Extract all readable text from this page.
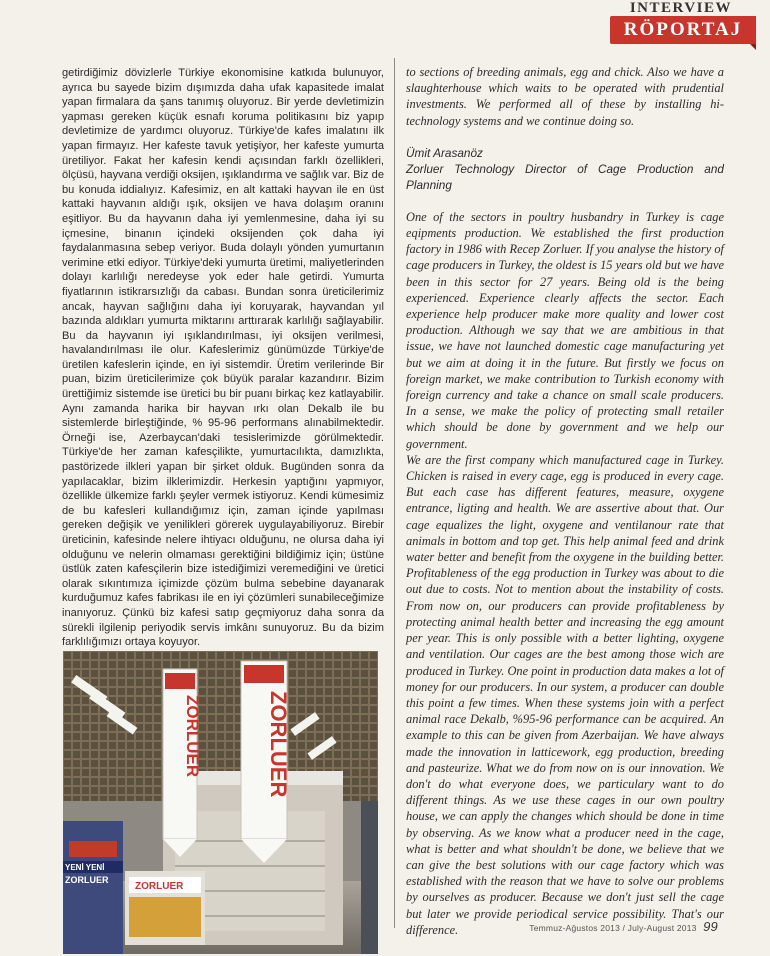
INTERVIEW
RÖPORTAJ

getirdiğimiz dövizlerle Türkiye ekonomisine katkıda bulunuyor, ayrıca bu sayede bizim dışımızda daha ufak kapasitede imalat yapan firmalara da şans tanımış oluyoruz. Bir yerde devletimizin yapması gereken küçük esnafı koruma politikasını biz yapıp devletimize de yardımcı oluyoruz. Türkiye'de kafes imalatını ilk yapan firmayız. Her kafeste tavuk yetişiyor, her kafeste yumurta üretiliyor. Fakat her kafesin kendi açısından farklı özellikleri, ölçüsü, hayvana verdiği oksijen, ışıklandırma ve sağlık var. Biz de bu konuda iddialıyız. Kafesimiz, en alt kattaki hayvan ile en üst kattaki hayvanın aldığı ışık, oksijen ve hava dolaşım oranını eşitliyor. Bu da hayvanın daha iyi yemlenmesine, daha iyi su içmesine, binanın içindeki oksijenden çok daha iyi faydalanmasına sebep veriyor. Buda dolaylı yönden yumurtanın verimine etki ediyor. Türkiye'deki yumurta üretimi, maliyetlerinden dolayı karlılığı neredeyse yok eder hale getirdi. Yumurta fiyatlarının istikrarsızlığı da cabası. Bundan sonra üreticilerimiz ancak, hayvan sağlığını daha iyi koruyarak, hayvandan yıl bazında aldıkları yumurta miktarını arttırarak karlılığı sağlayabilir. Bu da hayvanın iyi ışıklandırılması, iyi oksijen verilmesi, havalandırılması ile olur. Kafeslerimiz günümüzde Türkiye'de üretilen kafeslerin içinde, en iyi sistemdir. Üretim verilerinde Bir puan, bizim üreticilerimize çok büyük paralar kazandırır. Bizim ürettiğimiz sistemde ise üretici bu bir puanı birkaç kez katlayabilir. Aynı zamanda harika bir hayvan ırkı olan Dekalb ile bu sistemlerde birleştiğinde, % 95-96 performans alınabilmektedir. Örneği ise, Azerbaycan'daki tesislerimizde görülmektedir. Türkiye'de her zaman kafesçilikte, yumurtacılıkta, damızlıkta, pastörizede ilkleri yapan bir şirket olduk. Bugünden sonra da yapılacaklar, bizim ilklerimizdir. Herkesin yaptığını yapmıyor, özellikle ülkemize farklı şeyler vermek istiyoruz. Kendi kümesimiz de bu kafesleri kullandığımız için, zaman içinde yapılması gereken değişik ve yenilikleri görerek uygulayabiliyoruz. Birebir üreticinin, kafesinde nelere ihtiyacı olduğunu, ne olursa daha iyi olduğunu ve nelerin olmaması gerektiğini bildiğimiz için; üstüne üstlük zaten kafesçilerin bize istediğimizi veremediğini ve üretici olarak sıkıntımıza içimizde çözüm bulma sebebine dayanarak kurduğumuz kafes fabrikası ile en iyi çözümleri sunabileceğimize inanıyoruz. Çünkü biz kafesi satıp geçmiyoruz daha sonra da sürekli ilgilenip periyodik servis imkânı sunuyoruz. Bu da bizim farklılığımızı ortaya koyuyor.

to sections of breeding animals, egg and chick. Also we have a slaughterhouse which waits to be operated with prudential investments. We performed all of these by installing hi-technology systems and we continue doing so.

Ümit Arasanöz
Zorluer Technology Director of Cage Production and Planning

One of the sectors in poultry husbandry in Turkey is cage eqipments production. We established the first production factory in 1986 with Recep Zorluer. If you analyse the history of cage producers in Turkey, the oldest is 15 years old but we have been in this sector for 27 years. Being old is the being experienced. Experience clearly affects the sector. Each experience help producer make more quality and lower cost production. Although we say that we are ambitious in that issue, we have not launched domestic cage manufacturing yet but we aim at doing it in the future. But firstly we focus on foreign market, we make contribution to Turkish economy with foreign currency and take a chance on small scale producers. In a sense, we make the policy of protecting small retailer which should be done by government and we help our government.

We are the first company which manufactured cage in Turkey. Chicken is raised in every cage, egg is produced in every cage. But each case has different features, measure, oxygene entrance, ligting and health. We are assertive about that. Our cage equalizes the light, oxygene and ventilanour rate that animals in bottom and top get. This help animal feed and drink water better and benefit from the oxygene in the building better. Profitableness of the egg production in Turkey was about to die out due to costs. Not to mention about the instability of costs. From now on, our producers can provide profitableness by protecting animal health better and increasing the egg amount per year. This is only possible with a better lighting, oxygene and ventilation. Our cages are the best among those wich are produced in Turkey. One point in production data makes a lot of money for our producers. In our system, a producer can double this point a few times. When these systems join with a perfect animal race Dekalb, %95-96 performance can be acquired. An example to this can be given from Azerbaijan. We have always made the innovation in latticework, egg production, breeding and pasteurize. What we do from now on is our innovation. We don't do what everyone does, we particulary want to do different things. As we use these cages in our own poultry house, we can apply the changes which should be done in time by observing. As we know what a producer need in the cage, what is better and what shouldn't be done, we believe that we can give the best solutions with our cage factory which was established with the reason that we have to solve our problems by ourselves as producer. Because we don't just sell the cage but later we provide periodical service possibility. That's our difference.

YENİ YENİ
ZORLUER
ZORLUER
ZORLUER	ZORLUER
Temmuz-Ağustos 2013 / July-August 2013 99
